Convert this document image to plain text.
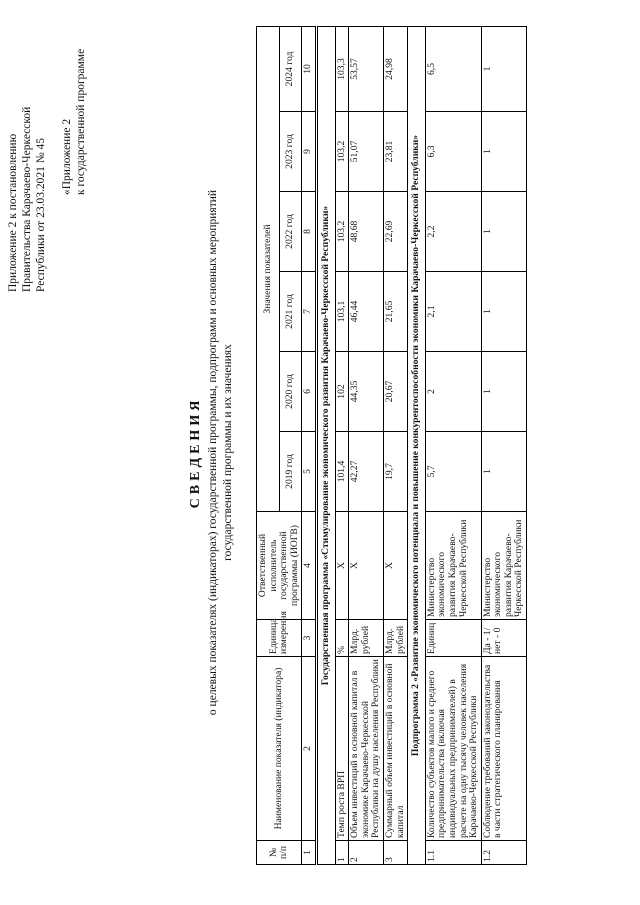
Приложение 2 к постановлению Правительства Карачаево-Черкесской Республики от 23.03.2021 № 45 «Приложение 2 к государственной программе
СВЕДЕНИЯ о целевых показателях (индикаторах) государственной программы, подпрограмм и основных мероприятий государственной программы и их значениях
№ п/п	Наименование показателя (индикатора)	Единица измерения	Ответственный исполнитель государственной программы (ИОГВ)	Значения показателей					
				2019 год	2020 год	2021 год	2022 год	2023 год	2024 год
1	2	3	4	5	6	7	8	9	10
Государственная программа «Стимулирование экономического развития Карачаево-Черкесской Республики»									
1	Темп роста ВРП	%	X	101,4	102	103,1	103,2	103,2	103,3
2	Объем инвестиций в основной капитал в экономике Карачаево-Черкесской Республики на душу населения Республики	Млрд. рублей	X	42,27	44,35	46,44	48,68	51,07	53,57
3	Суммарный объем инвестиций в основной капитал	Млрд. рублей	X	19,7	20,67	21,65	22,69	23,81	24,98
Подпрограмма 2 «Развитие экономического потенциала и повышение конкурентоспособности экономики Карачаево-Черкесской Республики»									
1.1	Количество субъектов малого и среднего предпринимательства (включая индивидуальных предпринимателей) в расчете на одну тысячу человек населения Карачаево-Черкесской Республики	Единиц	Министерство экономического развития Карачаево-Черкесской Республики	5,7	2	2,1	2,2	6,3	6,5
1.2	Соблюдение требований законодательства в части стратегического планирования	Да - 1/ нет - 0	Министерство экономического развития Карачаево-Черкесской Республики	1	1	1	1	1	1
